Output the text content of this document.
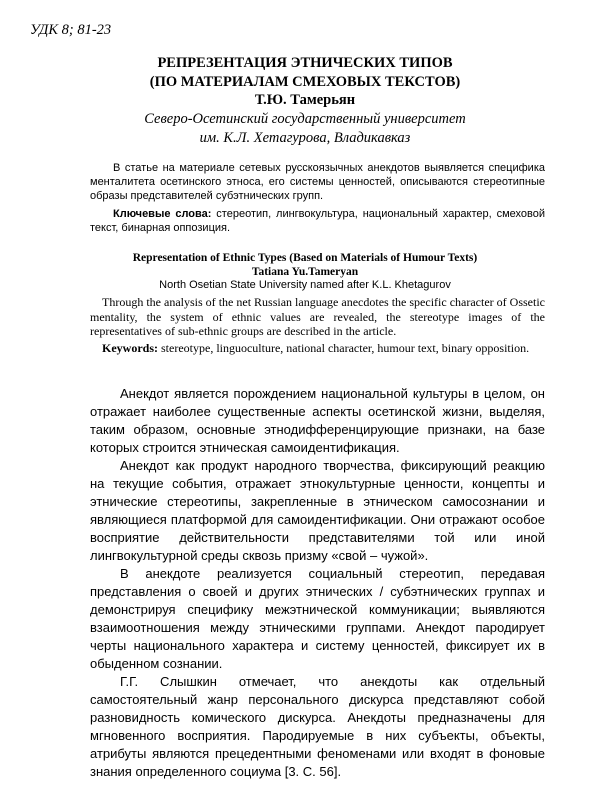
УДК 8; 81-23
РЕПРЕЗЕНТАЦИЯ ЭТНИЧЕСКИХ ТИПОВ
(ПО МАТЕРИАЛАМ СМЕХОВЫХ ТЕКСТОВ)
Т.Ю. Тамерьян
Северо-Осетинский государственный университет
им. К.Л. Хетагурова, Владикавказ
В статье на материале сетевых русскоязычных анекдотов выявляется специфика менталитета осетинского этноса, его системы ценностей, описываются стереотипные образы представителей субэтнических групп.
Ключевые слова: стереотип, лингвокультура, национальный характер, смеховой текст, бинарная оппозиция.
Representation of Ethnic Types (Based on Materials of Humour Texts)
Tatiana Yu.Tameryan
North Osetian State University named after K.L. Khetagurov
Through the analysis of the net Russian language anecdotes the specific character of Ossetic mentality, the system of ethnic values are revealed, the stereotype images of the representatives of sub-ethnic groups are described in the article.
Keywords: stereotype, linguoculture, national character, humour text, binary opposition.

Анекдот является порождением национальной культуры в целом, он отражает наиболее существенные аспекты осетинской жизни, выделяя, таким образом, основные этнодифференцирующие признаки, на базе которых строится этническая самоидентификация.

Анекдот как продукт народного творчества, фиксирующий реакцию на текущие события, отражает этнокультурные ценности, концепты и этнические стереотипы, закрепленные в этническом самосознании и являющиеся платформой для самоидентификации. Они отражают особое восприятие действительности представителями той или иной лингвокультурной среды сквозь призму «свой – чужой».

В анекдоте реализуется социальный стереотип, передавая представления о своей и других этнических / субэтнических группах и демонстрируя специфику межэтнической коммуникации; выявляются взаимоотношения между этническими группами. Анекдот пародирует черты национального характера и систему ценностей, фиксирует их в обыденном сознании.

Г.Г. Слышкин отмечает, что анекдоты как отдельный самостоятельный жанр персонального дискурса представляют собой разновидность комического дискурса. Анекдоты предназначены для мгновенного восприятия. Пародируемые в них субъекты, объекты, атрибуты являются прецедентными феноменами или входят в фоновые знания определенного социума [3. С. 56].
